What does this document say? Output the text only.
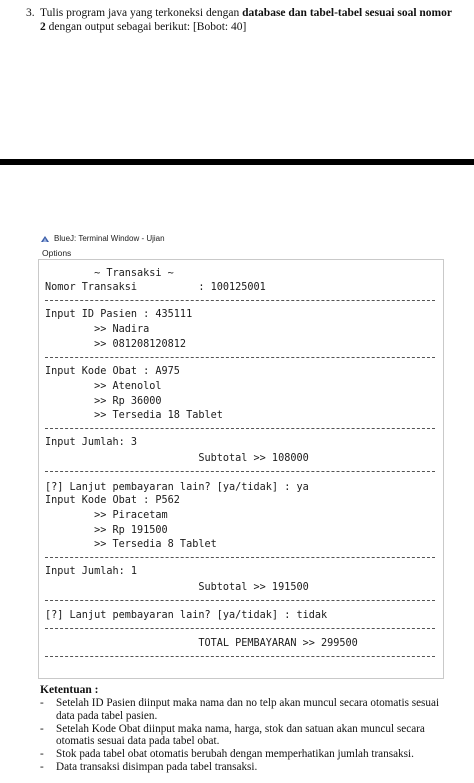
3. Tulis program java yang terkoneksi dengan database dan tabel-tabel sesuai soal nomor 2 dengan output sebagai berikut: [Bobot: 40]
BlueJ: Terminal Window - Ujian
Options
~ Transaksi ~
Nomor Transaksi          : 100125001
Input ID Pasien : 435111
>> Nadira
>> 081208120812
Input Kode Obat : A975
>> Atenolol
>> Rp 36000
>> Tersedia 18 Tablet
Input Jumlah: 3
Subtotal >> 108000
[?] Lanjut pembayaran lain? [ya/tidak] : ya
Input Kode Obat : P562
>> Piracetam
>> Rp 191500
>> Tersedia 8 Tablet
Input Jumlah: 1
Subtotal >> 191500
[?] Lanjut pembayaran lain? [ya/tidak] : tidak
TOTAL PEMBAYARAN >> 299500
Ketentuan :
- Setelah ID Pasien diinput maka nama dan no telp akan muncul secara otomatis sesuai data pada tabel pasien.
- Setelah Kode Obat diinput maka nama, harga, stok dan satuan akan muncul secara otomatis sesuai data pada tabel obat.
- Stok pada tabel obat otomatis berubah dengan memperhatikan jumlah transaksi.
- Data transaksi disimpan pada tabel transaksi.
